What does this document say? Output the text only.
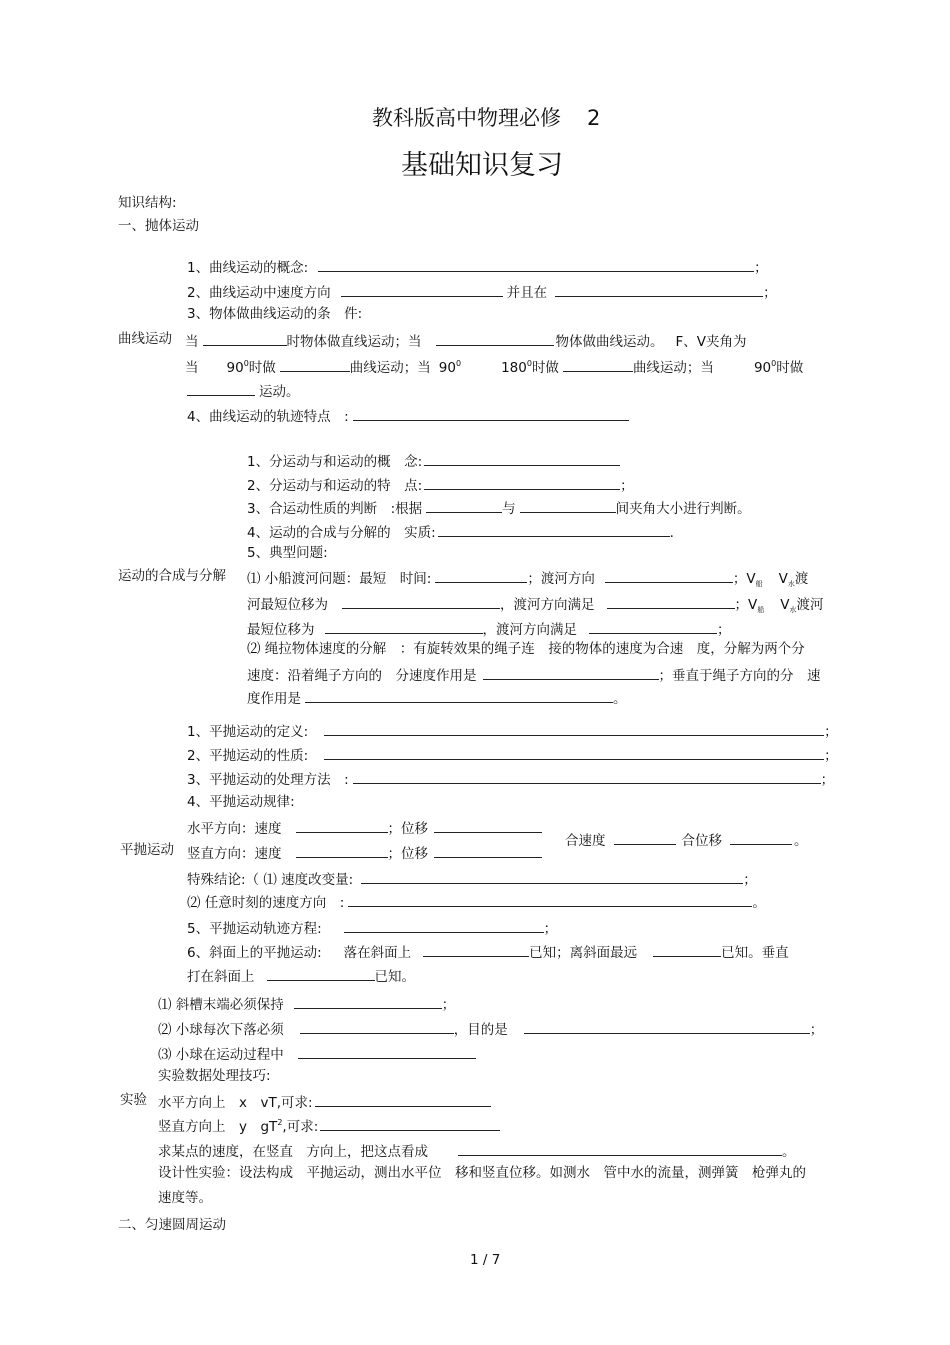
教科版高中物理必修 2
基础知识复习
知识结构:
一、抛体运动
1、曲线运动的概念:	；
2、曲线运动中速度方向	并且在	；
3、物体做曲线运动的条　件:
曲线运动 当	时物体做直线运动；当	物体做曲线运动。 F、V夹角为
当 $90^0$时做	曲线运动；当 $90^0$	$180^0$时做	曲线运动；当	$90^0$时做
运动。
4、曲线运动的轨迹特点　:
1、分运动与和运动的概　念:
2、分运动与和运动的特　点:	；
3、合运动性质的判断　:根据	与	间夹角大小进行判断。
4、运动的合成与分解的　实质:	.
5、典型问题:
运动的合成与分解 ⑴ 小船渡河问题：最短　时间:	；渡河方向	；$V_船$ $V_水$渡
河最短位移为	，渡河方向满足	；$V_船$ $V_水$渡河
最短位移为	，渡河方向满足	；
⑵ 绳拉物体速度的分解　：有旋转效果的绳子连　接的物体的速度为合速　度，分解为两个分
速度：沿着绳子方向的　分速度作用是	；垂直于绳子方向的分　速
度作用是	。
1、平抛运动的定义:	；
2、平抛运动的性质:	；
3、平抛运动的处理方法　:	；
4、平抛运动规律:
水平方向：速度	；位移
合速度	合位移	。
平抛运动 竖直方向：速度	；位移
特殊结论:（ ⑴ 速度改变量:	；
⑵ 任意时刻的速度方向　:	。
5、平抛运动轨迹方程:	；
6、斜面上的平抛运动: 落在斜面上	已知；离斜面最远	已知。垂直
打在斜面上	已知。
⑴ 斜槽末端必须保持	；
⑵ 小球每次下落必须	，目的是	；
⑶ 小球在运动过程中
实验数据处理技巧:
实验 水平方向上　x　vT,可求:
竖直方向上　y　$gT^2$,可求:
求某点的速度，在竖直　方向上，把这点看成	。
设计性实验：设法构成　平抛运动，测出水平位　移和竖直位移。如测水　管中水的流量，测弹簧　枪弹丸的
速度等。
二、匀速圆周运动
1 / 7
